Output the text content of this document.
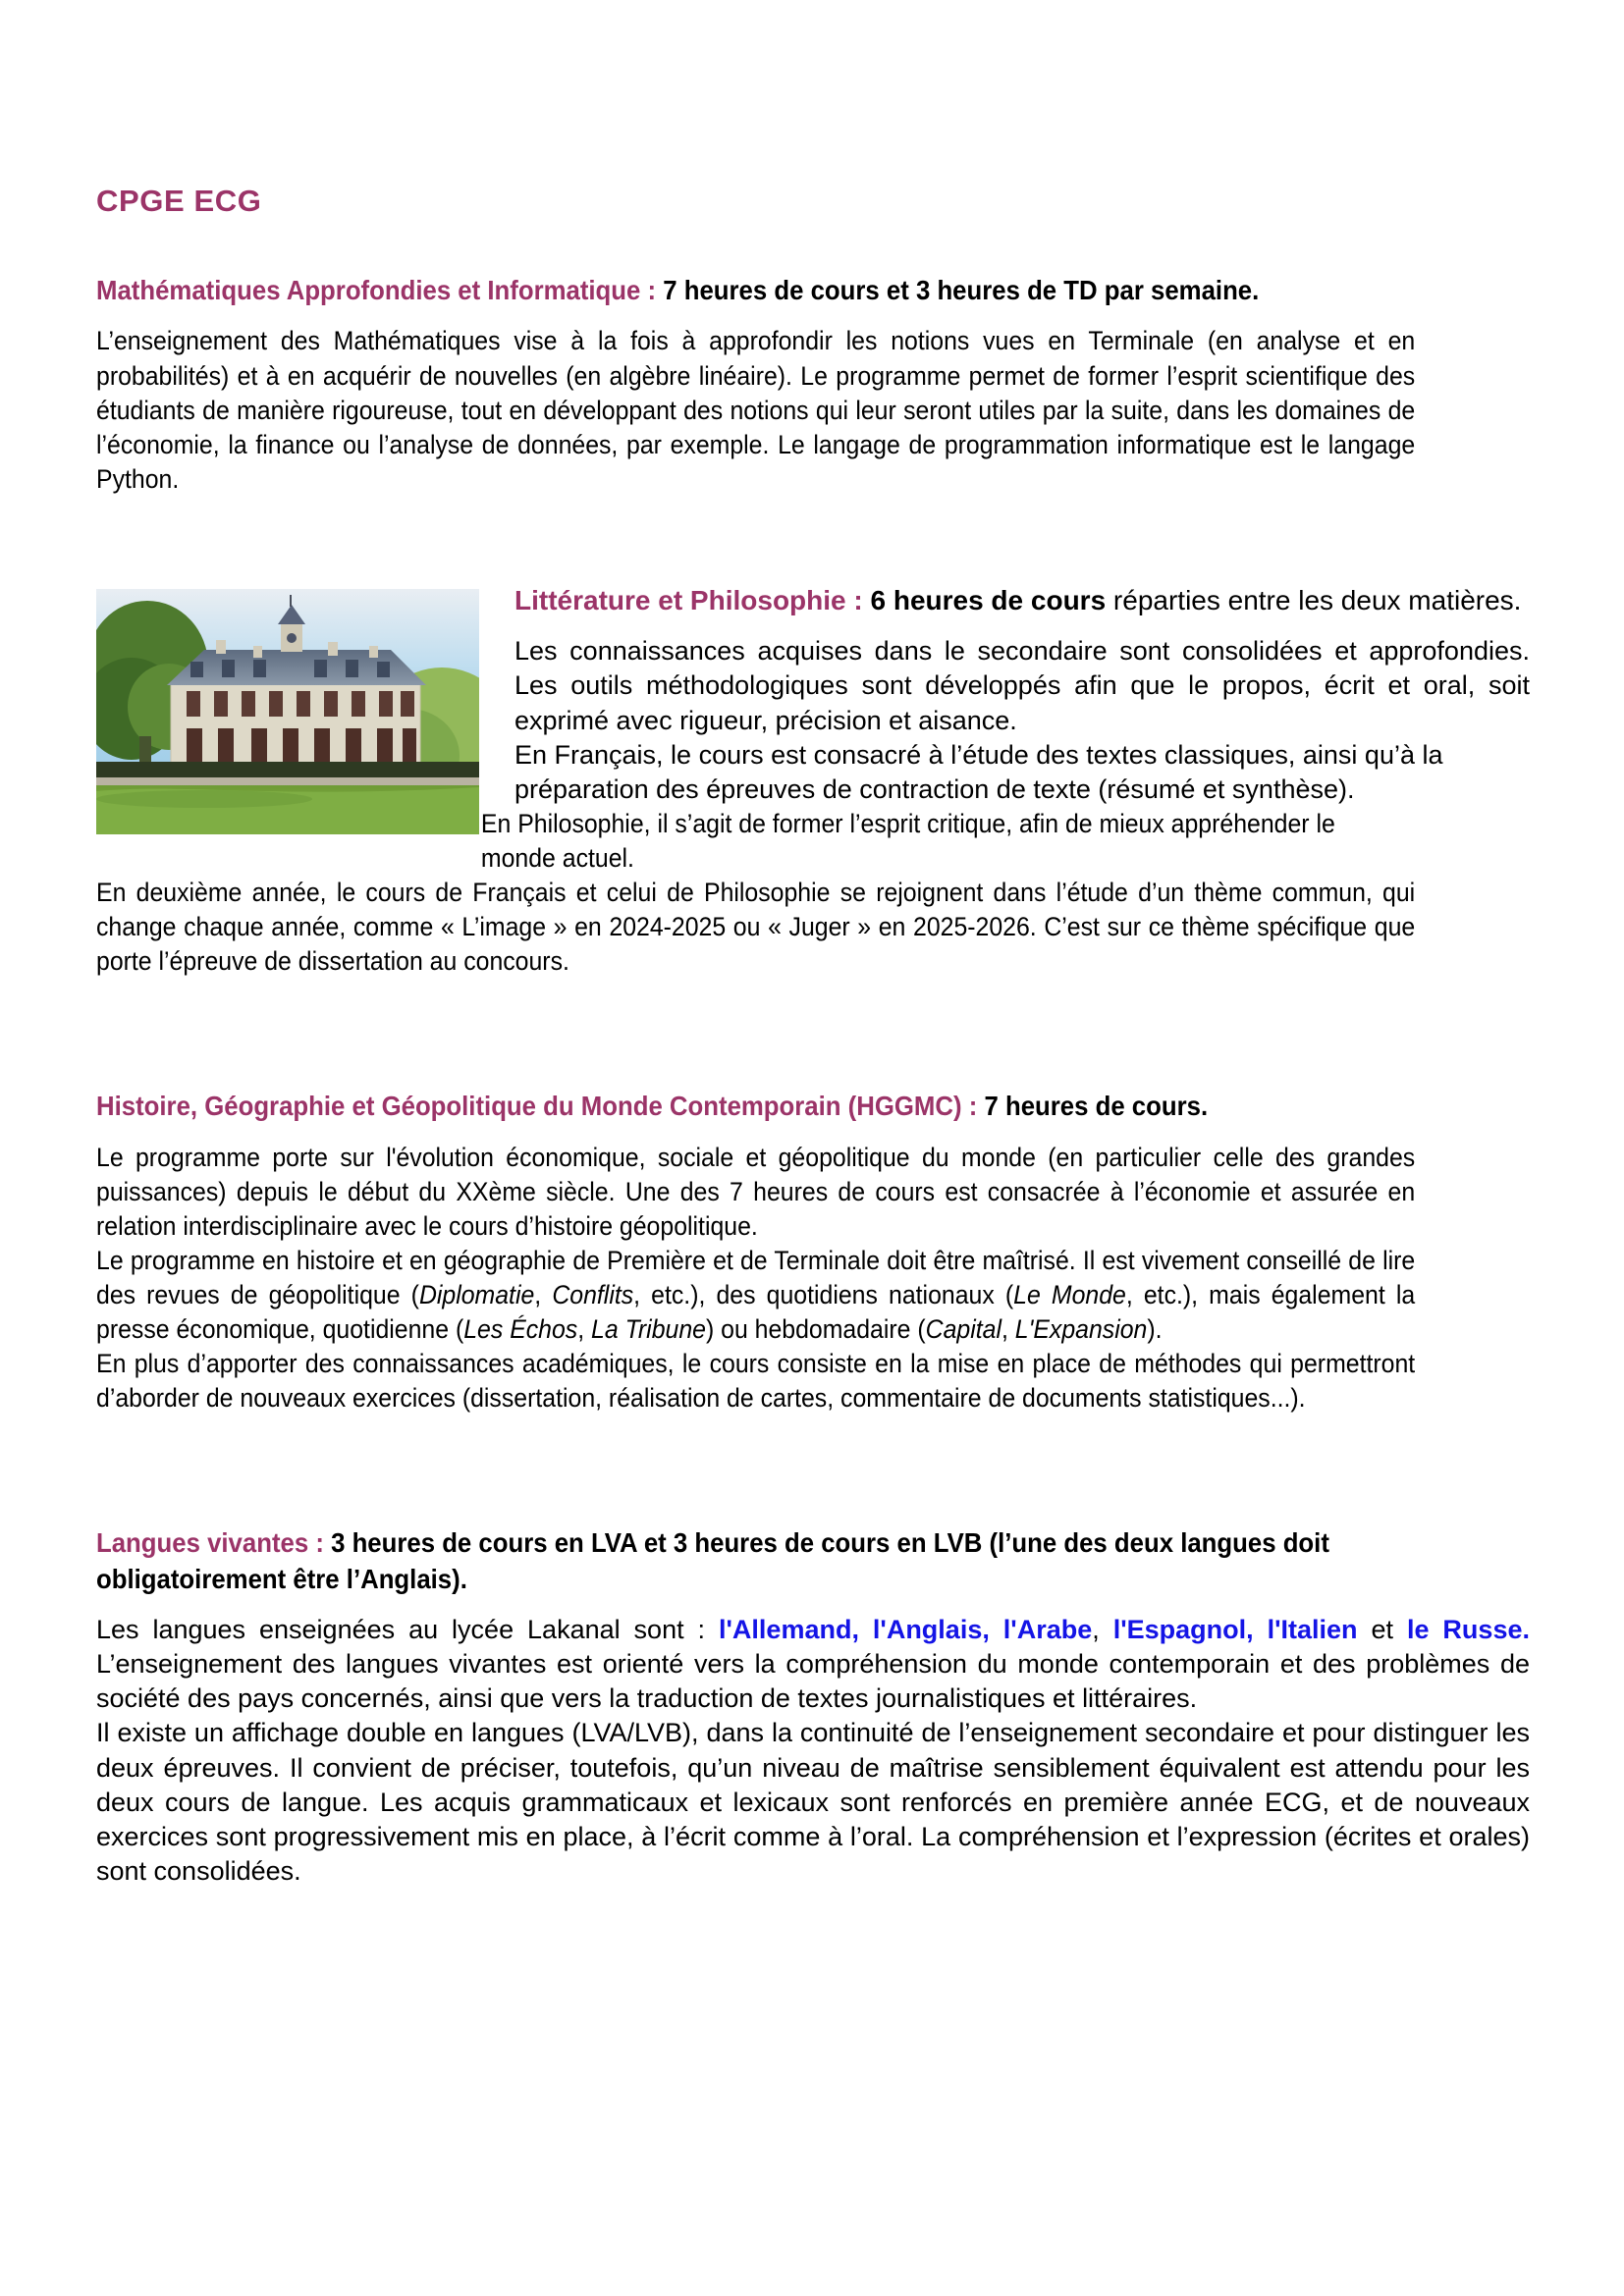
CPGE ECG
Mathématiques Approfondies et Informatique : 7 heures de cours et 3 heures de TD par semaine.

L’enseignement des Mathématiques vise à la fois à approfondir les notions vues en Terminale (en analyse et en probabilités) et à en acquérir de nouvelles (en algèbre linéaire). Le programme permet de former l’esprit scientifique des étudiants de manière rigoureuse, tout en développant des notions qui leur seront utiles par la suite, dans les domaines de l’économie, la finance ou l’analyse de données, par exemple. Le langage de programmation informatique est le langage Python.

Littérature et Philosophie : 6 heures de cours réparties entre les deux matières.

Les connaissances acquises dans le secondaire sont consolidées et approfondies. Les outils méthodologiques sont développés afin que le propos, écrit et oral, soit exprimé avec rigueur, précision et aisance.

En Français, le cours est consacré à l’étude des textes classiques, ainsi qu’à la préparation des épreuves de contraction de texte (résumé et synthèse).

En Philosophie, il s’agit de former l’esprit critique, afin de mieux appréhender le monde actuel.

En deuxième année, le cours de Français et celui de Philosophie se rejoignent dans l’étude d’un thème commun, qui change chaque année, comme « L’image » en 2024-2025 ou « Juger » en 2025-2026. C’est sur ce thème spécifique que porte l’épreuve de dissertation au concours.

Histoire, Géographie et Géopolitique du Monde Contemporain (HGGMC) : 7 heures de cours.

Le programme porte sur l'évolution économique, sociale et géopolitique du monde (en particulier celle des grandes puissances) depuis le début du XXème siècle. Une des 7 heures de cours est consacrée à l’économie et assurée en relation interdisciplinaire avec le cours d’histoire géopolitique.

Le programme en histoire et en géographie de Première et de Terminale doit être maîtrisé. Il est vivement conseillé de lire des revues de géopolitique (Diplomatie, Conflits, etc.), des quotidiens nationaux (Le Monde, etc.), mais également la presse économique, quotidienne (Les Échos, La Tribune) ou hebdomadaire (Capital, L'Expansion).

En plus d’apporter des connaissances académiques, le cours consiste en la mise en place de méthodes qui permettront d’aborder de nouveaux exercices (dissertation, réalisation de cartes, commentaire de documents statistiques...).

Langues vivantes : 3 heures de cours en LVA et 3 heures de cours en LVB (l’une des deux langues doit obligatoirement être l’Anglais).

Les langues enseignées au lycée Lakanal sont : l'Allemand, l'Anglais, l'Arabe, l'Espagnol, l'Italien et le Russe. L’enseignement des langues vivantes est orienté vers la compréhension du monde contemporain et des problèmes de société des pays concernés, ainsi que vers la traduction de textes journalistiques et littéraires.

Il existe un affichage double en langues (LVA/LVB), dans la continuité de l’enseignement secondaire et pour distinguer les deux épreuves. Il convient de préciser, toutefois, qu’un niveau de maîtrise sensiblement équivalent est attendu pour les deux cours de langue. Les acquis grammaticaux et lexicaux sont renforcés en première année ECG, et de nouveaux exercices sont progressivement mis en place, à l’écrit comme à l’oral. La compréhension et l’expression (écrites et orales) sont consolidées.
